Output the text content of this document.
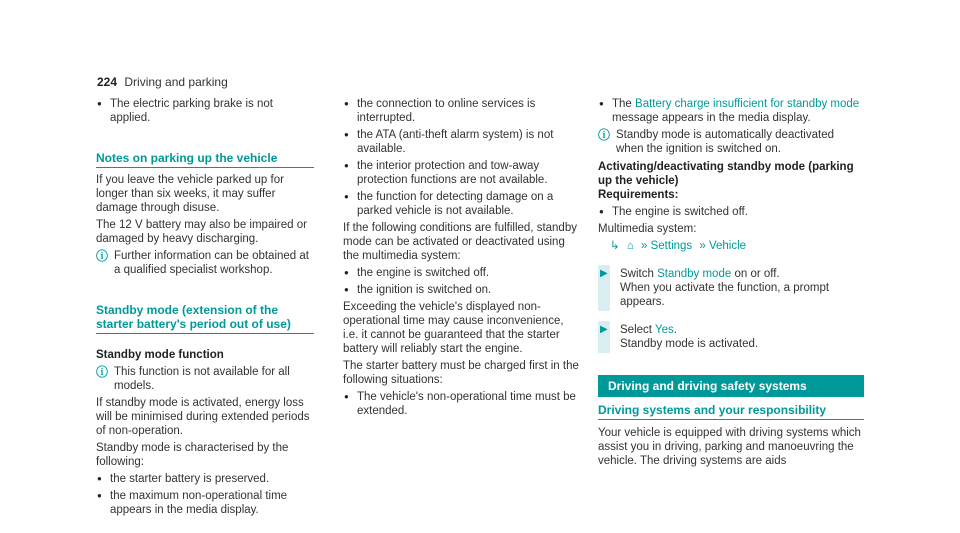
224 Driving and parking

● The electric parking brake is not applied.

Notes on parking up the vehicle

If you leave the vehicle parked up for longer than six weeks, it may suffer damage through disuse.

The 12 V battery may also be impaired or damaged by heavy discharging.

ⓘ Further information can be obtained at a qualified specialist workshop.

Standby mode (extension of the starter battery's period out of use)

Standby mode function

ⓘ This function is not available for all models.

If standby mode is activated, energy loss will be minimised during extended periods of non-operation.

Standby mode is characterised by the following:

● the starter battery is preserved.

● the maximum non-operational time appears in the media display.

● the connection to online services is interrupted.

● the ATA (anti-theft alarm system) is not available.

● the interior protection and tow-away protection functions are not available.

● the function for detecting damage on a parked vehicle is not available.

If the following conditions are fulfilled, standby mode can be activated or deactivated using the multimedia system:

● the engine is switched off.

● the ignition is switched on.

Exceeding the vehicle's displayed non-operational time may cause inconvenience, i.e. it cannot be guaranteed that the starter battery will reliably start the engine.

The starter battery must be charged first in the following situations:

● The vehicle's non-operational time must be extended.

● The Battery charge insufficient for standby mode message appears in the media display.

ⓘ Standby mode is automatically deactivated when the ignition is switched on.

Activating/deactivating standby mode (parking up the vehicle)

Requirements:

● The engine is switched off.

Multimedia system:

↳ ⌂ » Settings » Vehicle

▶ Switch Standby mode on or off.
When you activate the function, a prompt appears.

▶ Select Yes.
Standby mode is activated.

Driving and driving safety systems

Driving systems and your responsibility

Your vehicle is equipped with driving systems which assist you in driving, parking and manoeuvring the vehicle. The driving systems are aids
